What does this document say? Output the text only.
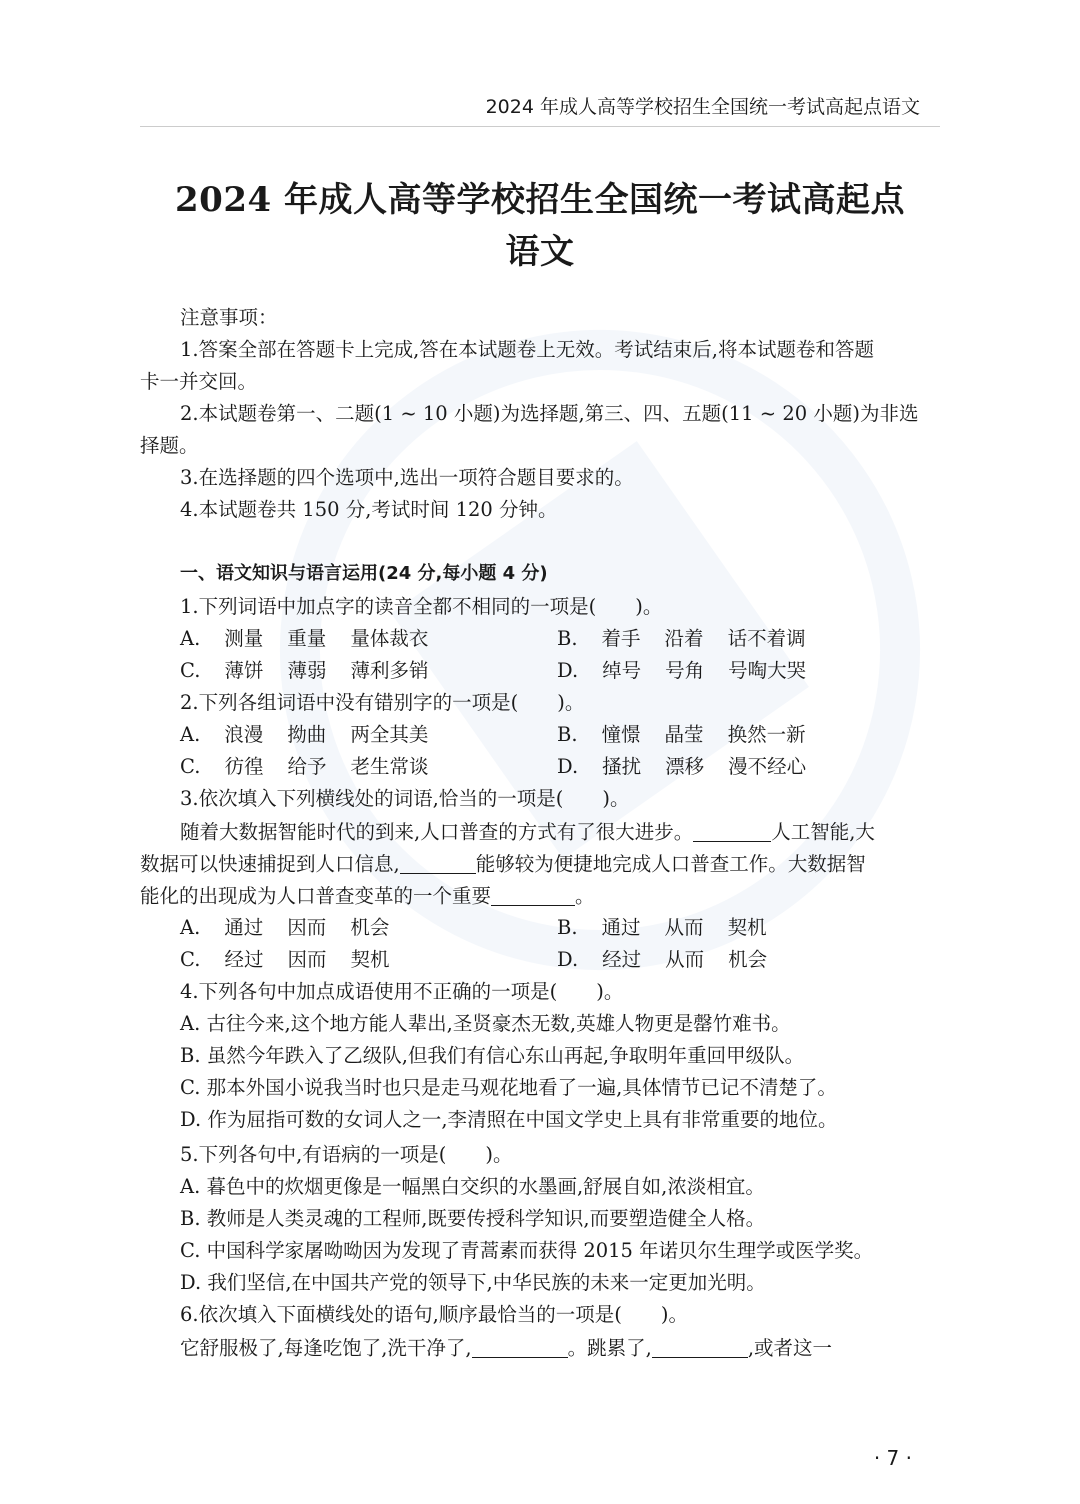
2024 年成人高等学校招生全国统一考试高起点语文
2024 年成人高等学校招生全国统一考试高起点
语文
注意事项：
1.答案全部在答题卡上完成,答在本试题卷上无效。考试结束后,将本试题卷和答题
卡一并交回。
2.本试题卷第一、二题(1 ~ 10 小题)为选择题,第三、四、五题(11 ~ 20 小题)为非选
择题。
3.在选择题的四个选项中,选出一项符合题目要求的。
4.本试题卷共 150 分,考试时间 120 分钟。
一、语文知识与语言运用(24 分,每小题 4 分)
1.下列词语中加点字的读音全都不相同的一项是(　　)。
A. 测量 重量 量体裁衣	B. 着手 沿着 话不着调
C. 薄饼 薄弱 薄利多销	D. 绰号 号角 号啕大哭
2.下列各组词语中没有错别字的一项是(　　)。
A. 浪漫 拗曲 两全其美	B. 憧憬 晶莹 换然一新
C. 彷徨 给予 老生常谈	D. 搔扰 漂移 漫不经心
3.依次填入下列横线处的词语,恰当的一项是(　　)。
随着大数据智能时代的到来,人口普查的方式有了很大进步。	人工智能,大
数据可以快速捕捉到人口信息,	能够较为便捷地完成人口普查工作。大数据智
能化的出现成为人口普查变革的一个重要	。
A. 通过 因而 机会	B. 通过 从而 契机
C. 经过 因而 契机	D. 经过 从而 机会
4.下列各句中加点成语使用不正确的一项是(　　)。
A. 古往今来,这个地方能人辈出,圣贤豪杰无数,英雄人物更是罄竹难书。
B. 虽然今年跌入了乙级队,但我们有信心东山再起,争取明年重回甲级队。
C. 那本外国小说我当时也只是走马观花地看了一遍,具体情节已记不清楚了。
D. 作为屈指可数的女词人之一,李清照在中国文学史上具有非常重要的地位。
5.下列各句中,有语病的一项是(　　)。
A. 暮色中的炊烟更像是一幅黑白交织的水墨画,舒展自如,浓淡相宜。
B. 教师是人类灵魂的工程师,既要传授科学知识,而要塑造健全人格。
C. 中国科学家屠呦呦因为发现了青蒿素而获得 2015 年诺贝尔生理学或医学奖。
D. 我们坚信,在中国共产党的领导下,中华民族的未来一定更加光明。
6.依次填入下面横线处的语句,顺序最恰当的一项是(　　)。
它舒服极了,每逢吃饱了,洗干净了,	。跳累了,	,或者这一
· 7 ·
